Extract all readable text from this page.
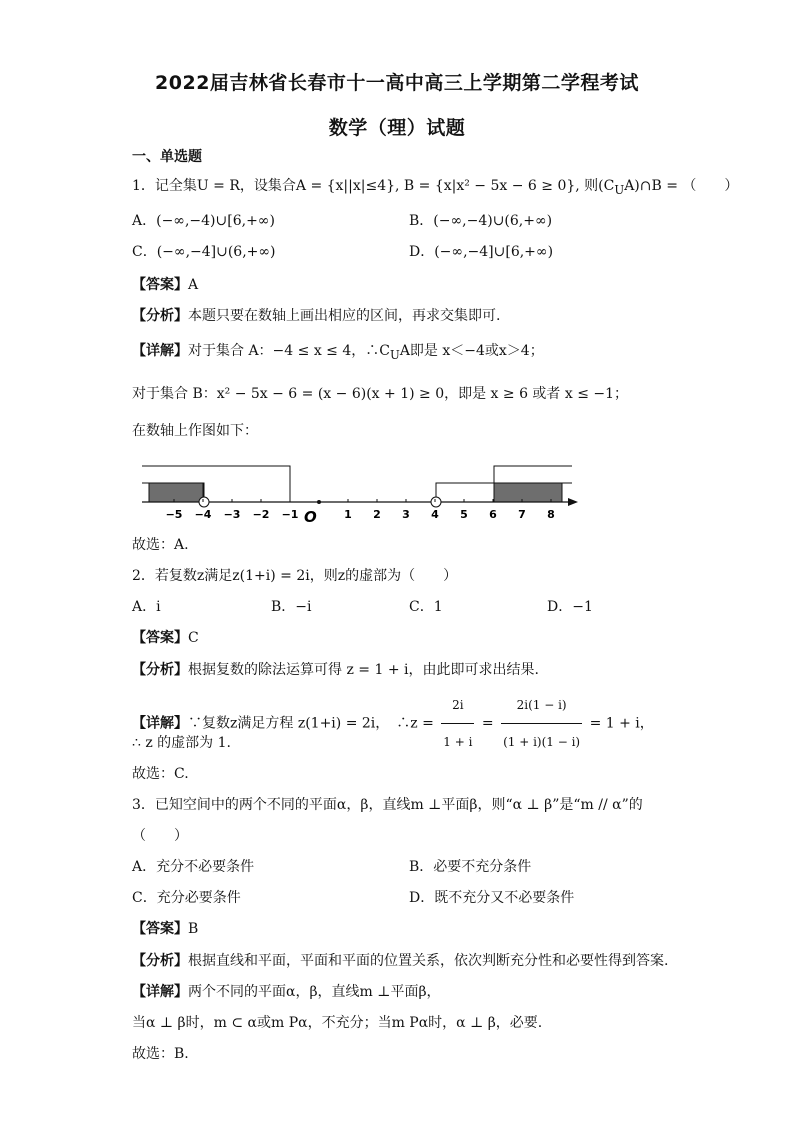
2022届吉林省长春市十一高中高三上学期第二学程考试
数学（理）试题
一、单选题
1．记全集U = R，设集合A = {x||x|≤4}, B = {x|x² − 5x − 6 ≥ 0}, 则$(C_UA)\cap B$ = （　　）
A．(−∞,−4)∪[6,+∞)	B．(−∞,−4)∪(6,+∞)
C．(−∞,−4]∪(6,+∞)	D．(−∞,−4]∪[6,+∞)
【答案】A
【分析】本题只要在数轴上画出相应的区间，再求交集即可.
【详解】对于集合 A：−4 ≤ x ≤ 4，$\therefore C_UA$即是 x＜−4或x＞4；
对于集合 B：x² − 5x − 6 = (x − 6)(x + 1) ≥ 0，即是 x ≥ 6 或者 x ≤ −1；
在数轴上作图如下：
−5 −4 −3 −2 −1	1 2 3 4 5 6 7 8
O
故选：A.
2．若复数z满足z(1+i) = 2i，则z的虚部为（　　）
A．i	B．−i	C．1	D．−1
【答案】C
【分析】根据复数的除法运算可得 z = 1 + i，由此即可求出结果.
【详解】∵复数z满足方程 z(1+i) = 2i，　∴z = $\frac{2i}{1 + i} = \frac{2i(1 - i)}{(1 + i)(1 - i)} = 1 + i$，
∴ z 的虚部为 1.
故选：C.
3．已知空间中的两个不同的平面α，β，直线m ⊥平面β，则“α ⊥ β”是“m // α”的
（　　）
A．充分不必要条件	B．必要不充分条件
C．充分必要条件	D．既不充分又不必要条件
【答案】B
【分析】根据直线和平面，平面和平面的位置关系，依次判断充分性和必要性得到答案.
【详解】两个不同的平面α，β，直线m ⊥平面β，
当α ⊥ β时，m ⊂ α或m Pα，不充分；当m Pα时，α ⊥ β，必要.
故选：B.
